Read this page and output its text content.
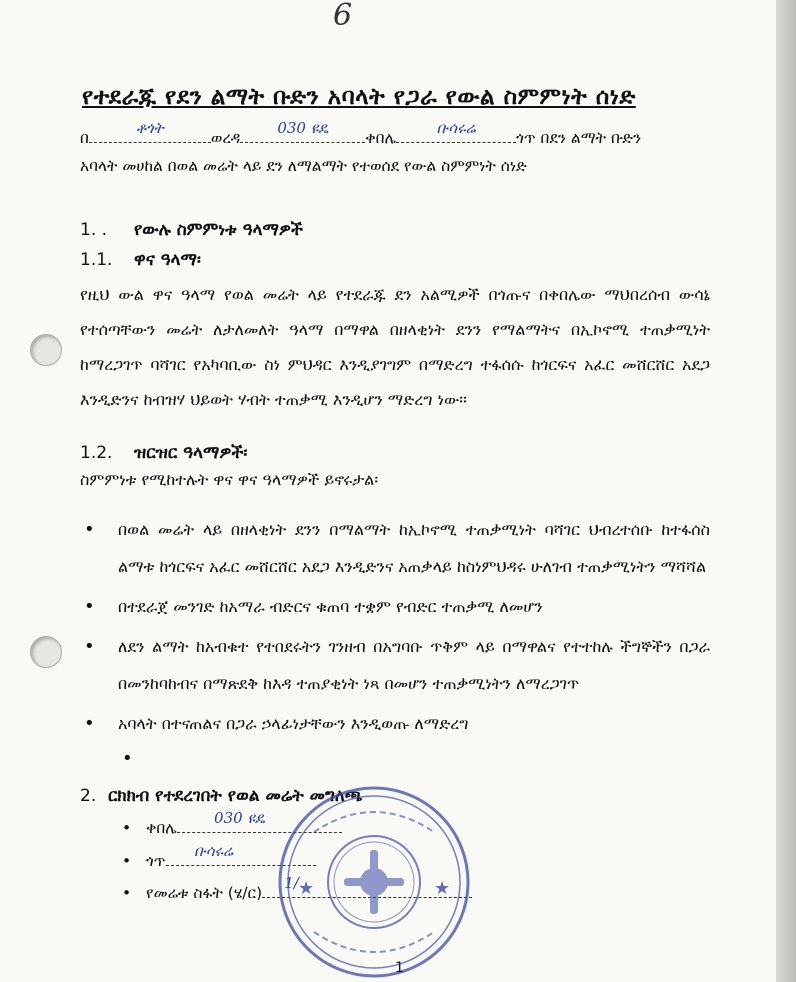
6
የተደራጁ የደን ልማት ቡድን አባላት የጋራ የውል ስምምነት ሰነድ
በ
ቶጎት
ወረዳ
030 ዩዴ
ቀበሌ
ቡሳሩሬ
ጎጥ በደን ልማት ቡድን
አባላት መሀከል በወል መሬት ላይ ደን ለማልማት የተወሰደ የውል ስምምነት ሰነድ
1. . የውሉ ስምምነቱ ዓላማዎች
1.1. ዋና ዓላማ፡
የዚህ ውል ዋና ዓላማ የወል መሬት ላይ የተደራጁ ደን አልሚዎች በጎጡና በቀበሌው ማህበረሰብ ውሳኔ የተሰጣቸውን መሬት ለታለመለት ዓላማ በማዋል በዘላቂነት ደንን የማልማትና በኢኮኖሚ ተጠቃሚነት ከማረጋገጥ ባሻገር የአካባቢው ስነ ምህዳር እንዲያገግም በማድረግ ተፋሰሱ ከጎርፍና አፈር መሸርሸር አደጋ እንዲድንና ከብዝሃ ህይወት ሃብት ተጠቃሚ እንዲሆን ማድረግ ነው፡፡
1.2. ዝርዝር ዓላማዎች፡
ስምምነቱ የሚከተሉት ዋና ዋና ዓላማዎች ይኖሩታል፡
• በወል መሬት ላይ በዘላቂነት ደንን በማልማት ከኢኮኖሚ ተጠቃሚነት ባሻገር ህብረተሰቡ ከተፋሰስ ልማቱ ከጎርፍና አፈር መሸርሸር አደጋ እንዲድንና አጠቃላይ ከስነምህዳሩ ሁለገብ ተጠቃሚነትን ማሻሻል
• በተደራጀ መንገድ ከአማራ ብድርና ቁጠባ ተቋም የብድር ተጠቃሚ ለመሆን
• ለደን ልማት ከአብቁተ የተበደሩትን ገንዘብ በአግባቡ ጥቅም ላይ በማዋልና የተተከሉ ችግኞችን በጋራ በመንከባከብና በማጽደቅ ከእዳ ተጠያቂነት ነጻ በመሆን ተጠቃሚነትን ለማረጋገጥ
• አባላት በተናጠልና በጋራ ኃላፊነታቸውን እንዲወጡ ለማድረግ
•
2. ርክክብ የተደረገበት የወል መሬት መግለጫ
• ቀበሌ
030 ዩዴ
• ጎጥ
ቡሳሩሬ
• የመሬቱ ስፋት (ሄ/ር)
1/ ★	★
1
